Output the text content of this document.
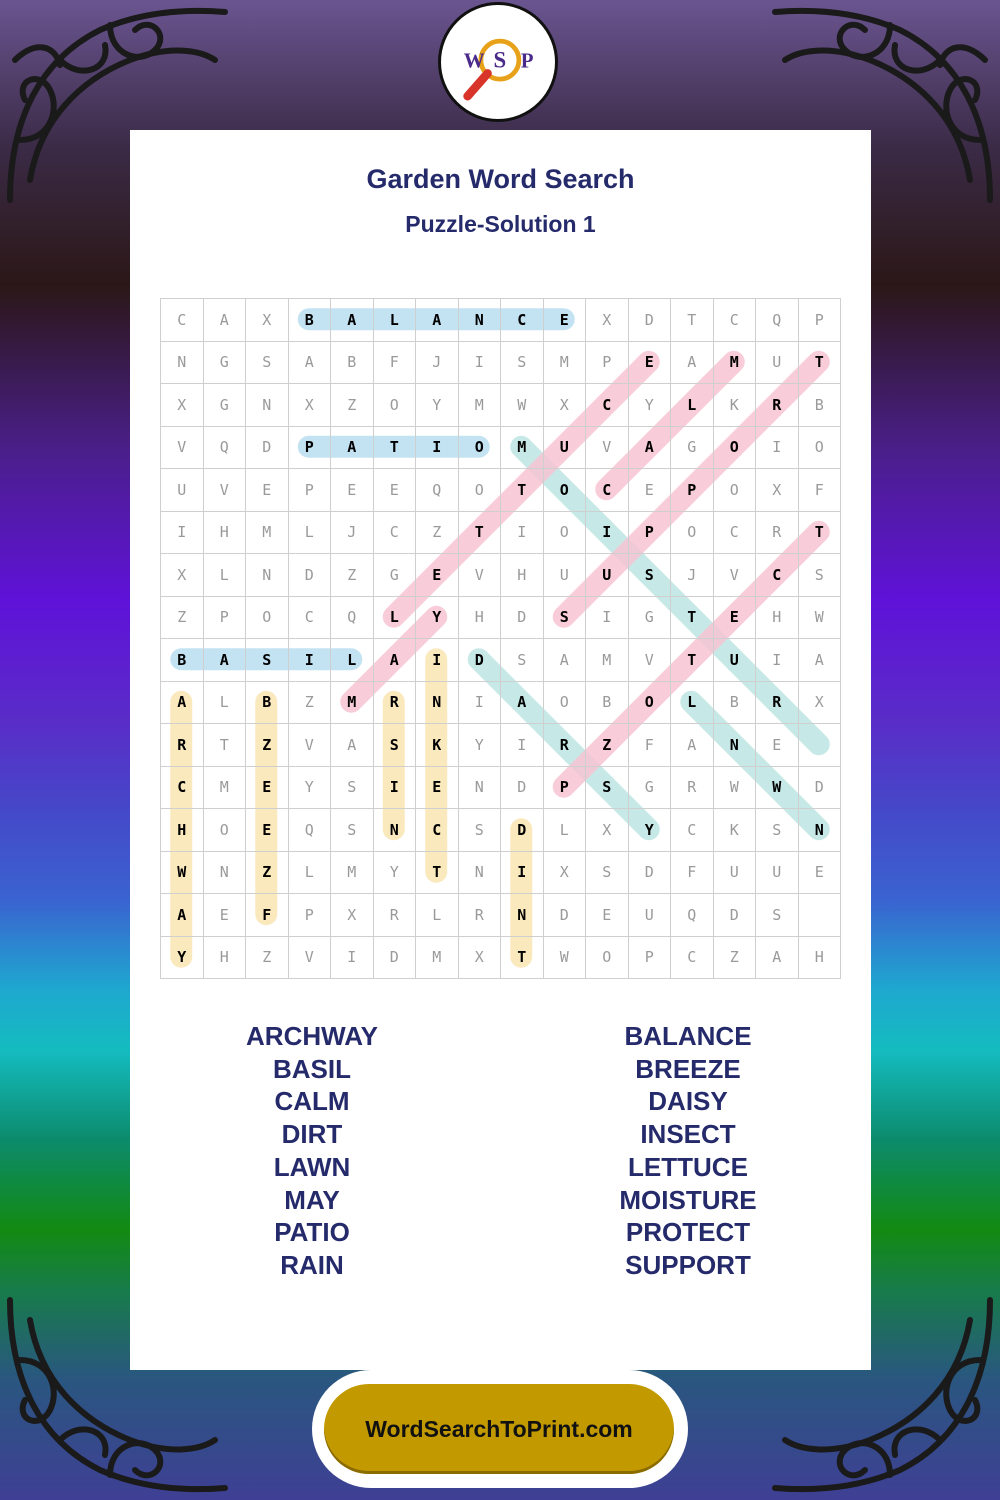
W S P
Garden Word Search
Puzzle-Solution 1
C	A	X	B	A	L	A	N	C	E	X	D	T	C	Q	P
N	G	S	A	B	F	J	I	S	M	P	E	A	M	U	T
X	G	N	X	Z	O	Y	M	W	X	C	Y	L	K	R	B
V	Q	D	P	A	T	I	O	M	U	V	A	G	O	I	O
U	V	E	P	E	E	Q	O	T	O	C	E	P	O	X	F
I	H	M	L	J	C	Z	T	I	O	I	P	O	C	R	T
X	L	N	D	Z	G	E	V	H	U	U	S	J	V	C	S
Z	P	O	C	Q	L	Y	H	D	S	I	G	T	E	H	W
B	A	S	I	L	A	I	D	S	A	M	V	T	U	I	A
A	L	B	Z	M	R	N	I	A	O	B	O	L	B	R	X
R	T	Z	V	A	S	K	Y	I	R	Z	F	A	N	E
C	M	E	Y	S	I	E	N	D	P	S	G	R	W	W	D
H	O	E	Q	S	N	C	S	D	L	X	Y	C	K	S	N
W	N	Z	L	M	Y	T	N	I	X	S	D	F	U	U	E
A	E	F	P	X	R	L	R	N	D	E	U	Q	D	S
Y	H	Z	V	I	D	M	X	T	W	O	P	C	Z	A	H
ARCHWAY
BASIL
CALM
DIRT
LAWN
MAY
PATIO
RAIN
BALANCE
BREEZE
DAISY
INSECT
LETTUCE
MOISTURE
PROTECT
SUPPORT
WordSearchToPrint.com
